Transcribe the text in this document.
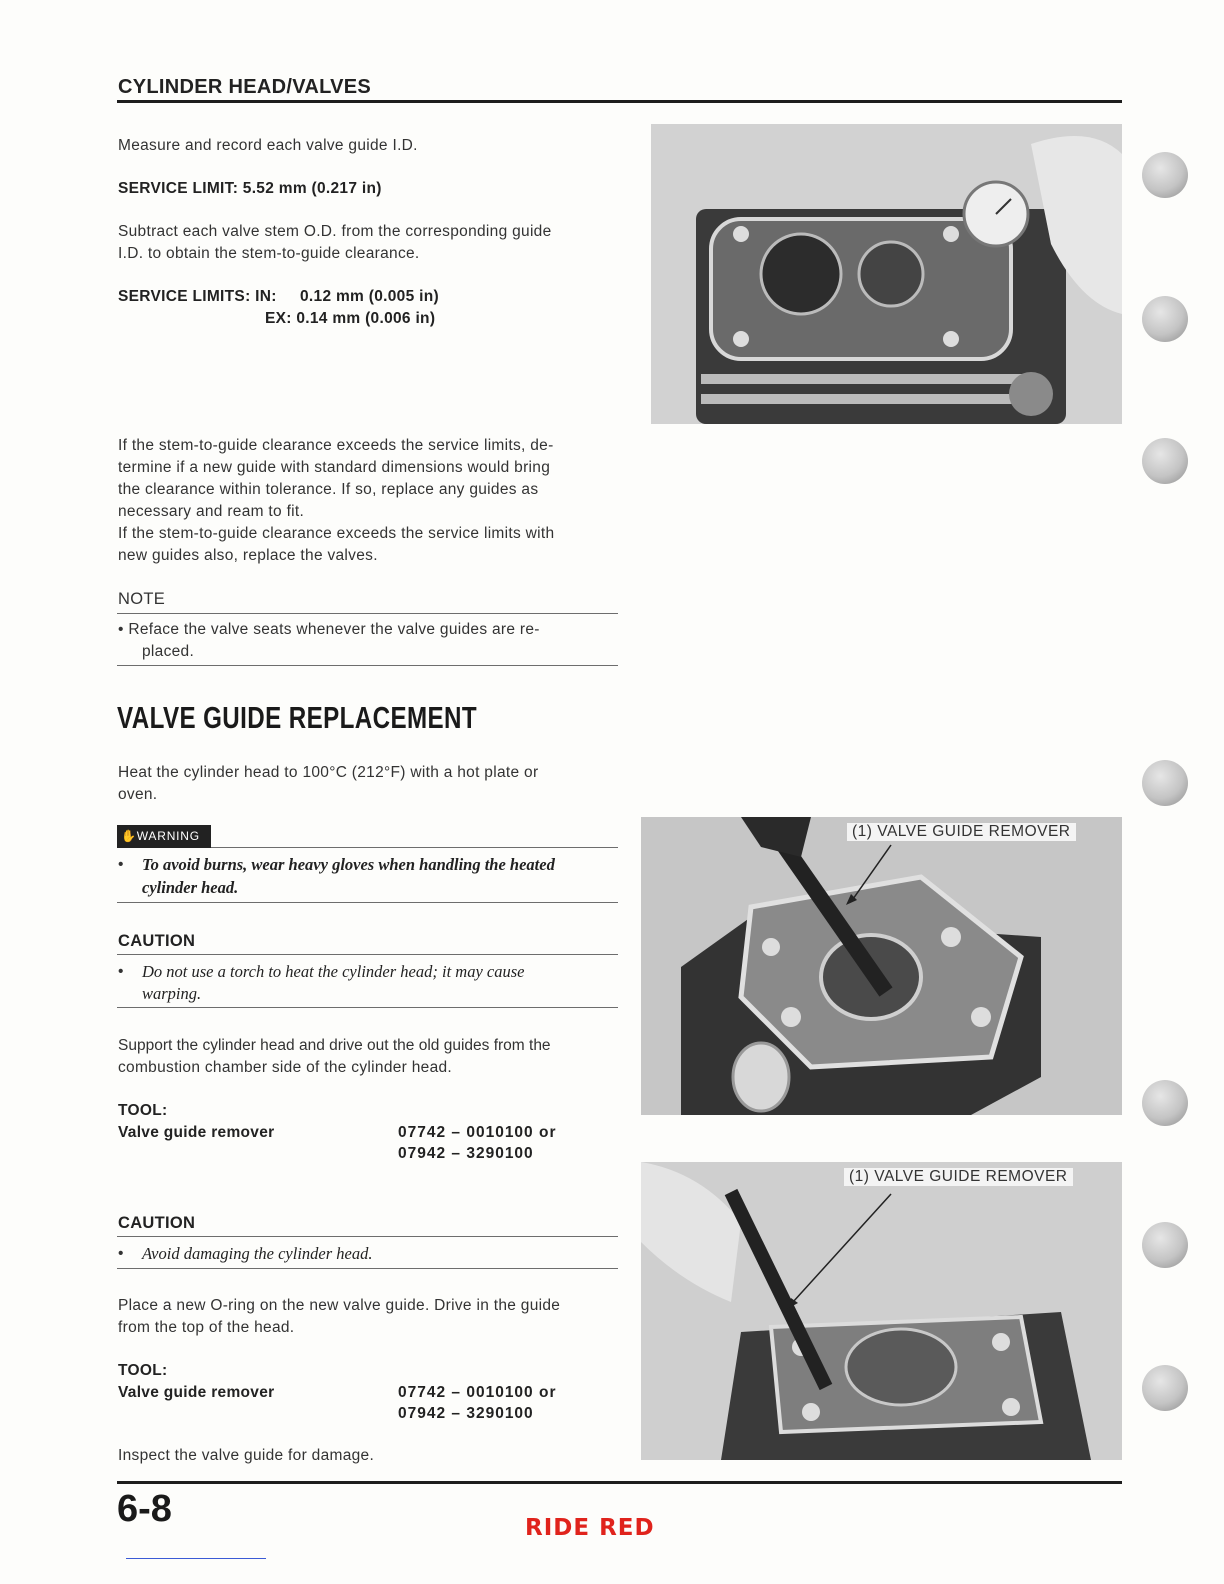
CYLINDER HEAD/VALVES
Measure and record each valve guide I.D.
SERVICE LIMIT: 5.52 mm (0.217 in)
Subtract each valve stem O.D. from the corresponding guide
I.D. to obtain the stem-to-guide clearance.
SERVICE LIMITS: IN: 0.12 mm (0.005 in)
EX: 0.14 mm (0.006 in)
If the stem-to-guide clearance exceeds the service limits, de-
termine if a new guide with standard dimensions would bring
the clearance within tolerance. If so, replace any guides as
necessary and ream to fit.
If the stem-to-guide clearance exceeds the service limits with
new guides also, replace the valves.
NOTE
• Reface the valve seats whenever the valve guides are re-
placed.
VALVE GUIDE REPLACEMENT
Heat the cylinder head to 100°C (212°F) with a hot plate or
oven.
✋WARNING
• To avoid burns, wear heavy gloves when handling the heated
cylinder head.
CAUTION
• Do not use a torch to heat the cylinder head; it may cause
warping.
Support the cylinder head and drive out the old guides from the
combustion chamber side of the cylinder head.
TOOL:
Valve guide remover	07742 – 0010100 or
07942 – 3290100
CAUTION
• Avoid damaging the cylinder head.
Place a new O-ring on the new valve guide. Drive in the guide
from the top of the head.
TOOL:
Valve guide remover	07742 – 0010100 or
07942 – 3290100
Inspect the valve guide for damage.
(1) VALVE GUIDE REMOVER
(1) VALVE GUIDE REMOVER
6-8	RIDE RED
